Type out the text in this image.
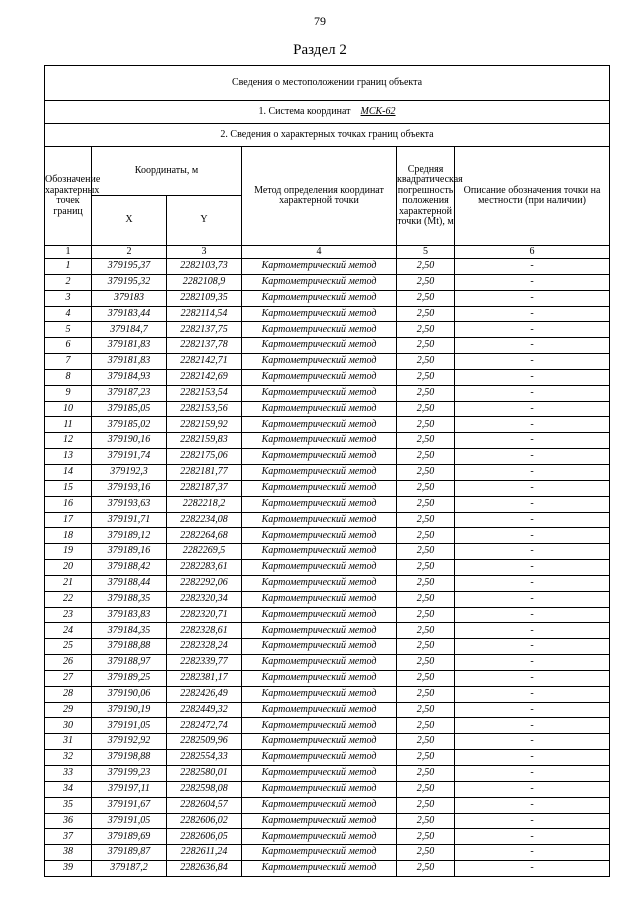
79
Раздел 2
Сведения о местоположении границ объекта					
1. Система координат МСК-62					
2. Сведения о характерных точках границ объекта					
Обозначение характерных точек границ	Координаты, м		Метод определения координат характерной точки	Средняя квадратическая погрешность положения характерной точки (Mt), м	Описание обозначения точки на местности (при наличии)
	X	Y			
1	2	3	4	5	6
1	379195,37	2282103,73	Картометрический метод	2,50	-
2	379195,32	2282108,9	Картометрический метод	2,50	-
3	379183	2282109,35	Картометрический метод	2,50	-
4	379183,44	2282114,54	Картометрический метод	2,50	-
5	379184,7	2282137,75	Картометрический метод	2,50	-
6	379181,83	2282137,78	Картометрический метод	2,50	-
7	379181,83	2282142,71	Картометрический метод	2,50	-
8	379184,93	2282142,69	Картометрический метод	2,50	-
9	379187,23	2282153,54	Картометрический метод	2,50	-
10	379185,05	2282153,56	Картометрический метод	2,50	-
11	379185,02	2282159,92	Картометрический метод	2,50	-
12	379190,16	2282159,83	Картометрический метод	2,50	-
13	379191,74	2282175,06	Картометрический метод	2,50	-
14	379192,3	2282181,77	Картометрический метод	2,50	-
15	379193,16	2282187,37	Картометрический метод	2,50	-
16	379193,63	2282218,2	Картометрический метод	2,50	-
17	379191,71	2282234,08	Картометрический метод	2,50	-
18	379189,12	2282264,68	Картометрический метод	2,50	-
19	379189,16	2282269,5	Картометрический метод	2,50	-
20	379188,42	2282283,61	Картометрический метод	2,50	-
21	379188,44	2282292,06	Картометрический метод	2,50	-
22	379188,35	2282320,34	Картометрический метод	2,50	-
23	379183,83	2282320,71	Картометрический метод	2,50	-
24	379184,35	2282328,61	Картометрический метод	2,50	-
25	379188,88	2282328,24	Картометрический метод	2,50	-
26	379188,97	2282339,77	Картометрический метод	2,50	-
27	379189,25	2282381,17	Картометрический метод	2,50	-
28	379190,06	2282426,49	Картометрический метод	2,50	-
29	379190,19	2282449,32	Картометрический метод	2,50	-
30	379191,05	2282472,74	Картометрический метод	2,50	-
31	379192,92	2282509,96	Картометрический метод	2,50	-
32	379198,88	2282554,33	Картометрический метод	2,50	-
33	379199,23	2282580,01	Картометрический метод	2,50	-
34	379197,11	2282598,08	Картометрический метод	2,50	-
35	379191,67	2282604,57	Картометрический метод	2,50	-
36	379191,05	2282606,02	Картометрический метод	2,50	-
37	379189,69	2282606,05	Картометрический метод	2,50	-
38	379189,87	2282611,24	Картометрический метод	2,50	-
39	379187,2	2282636,84	Картометрический метод	2,50	-
